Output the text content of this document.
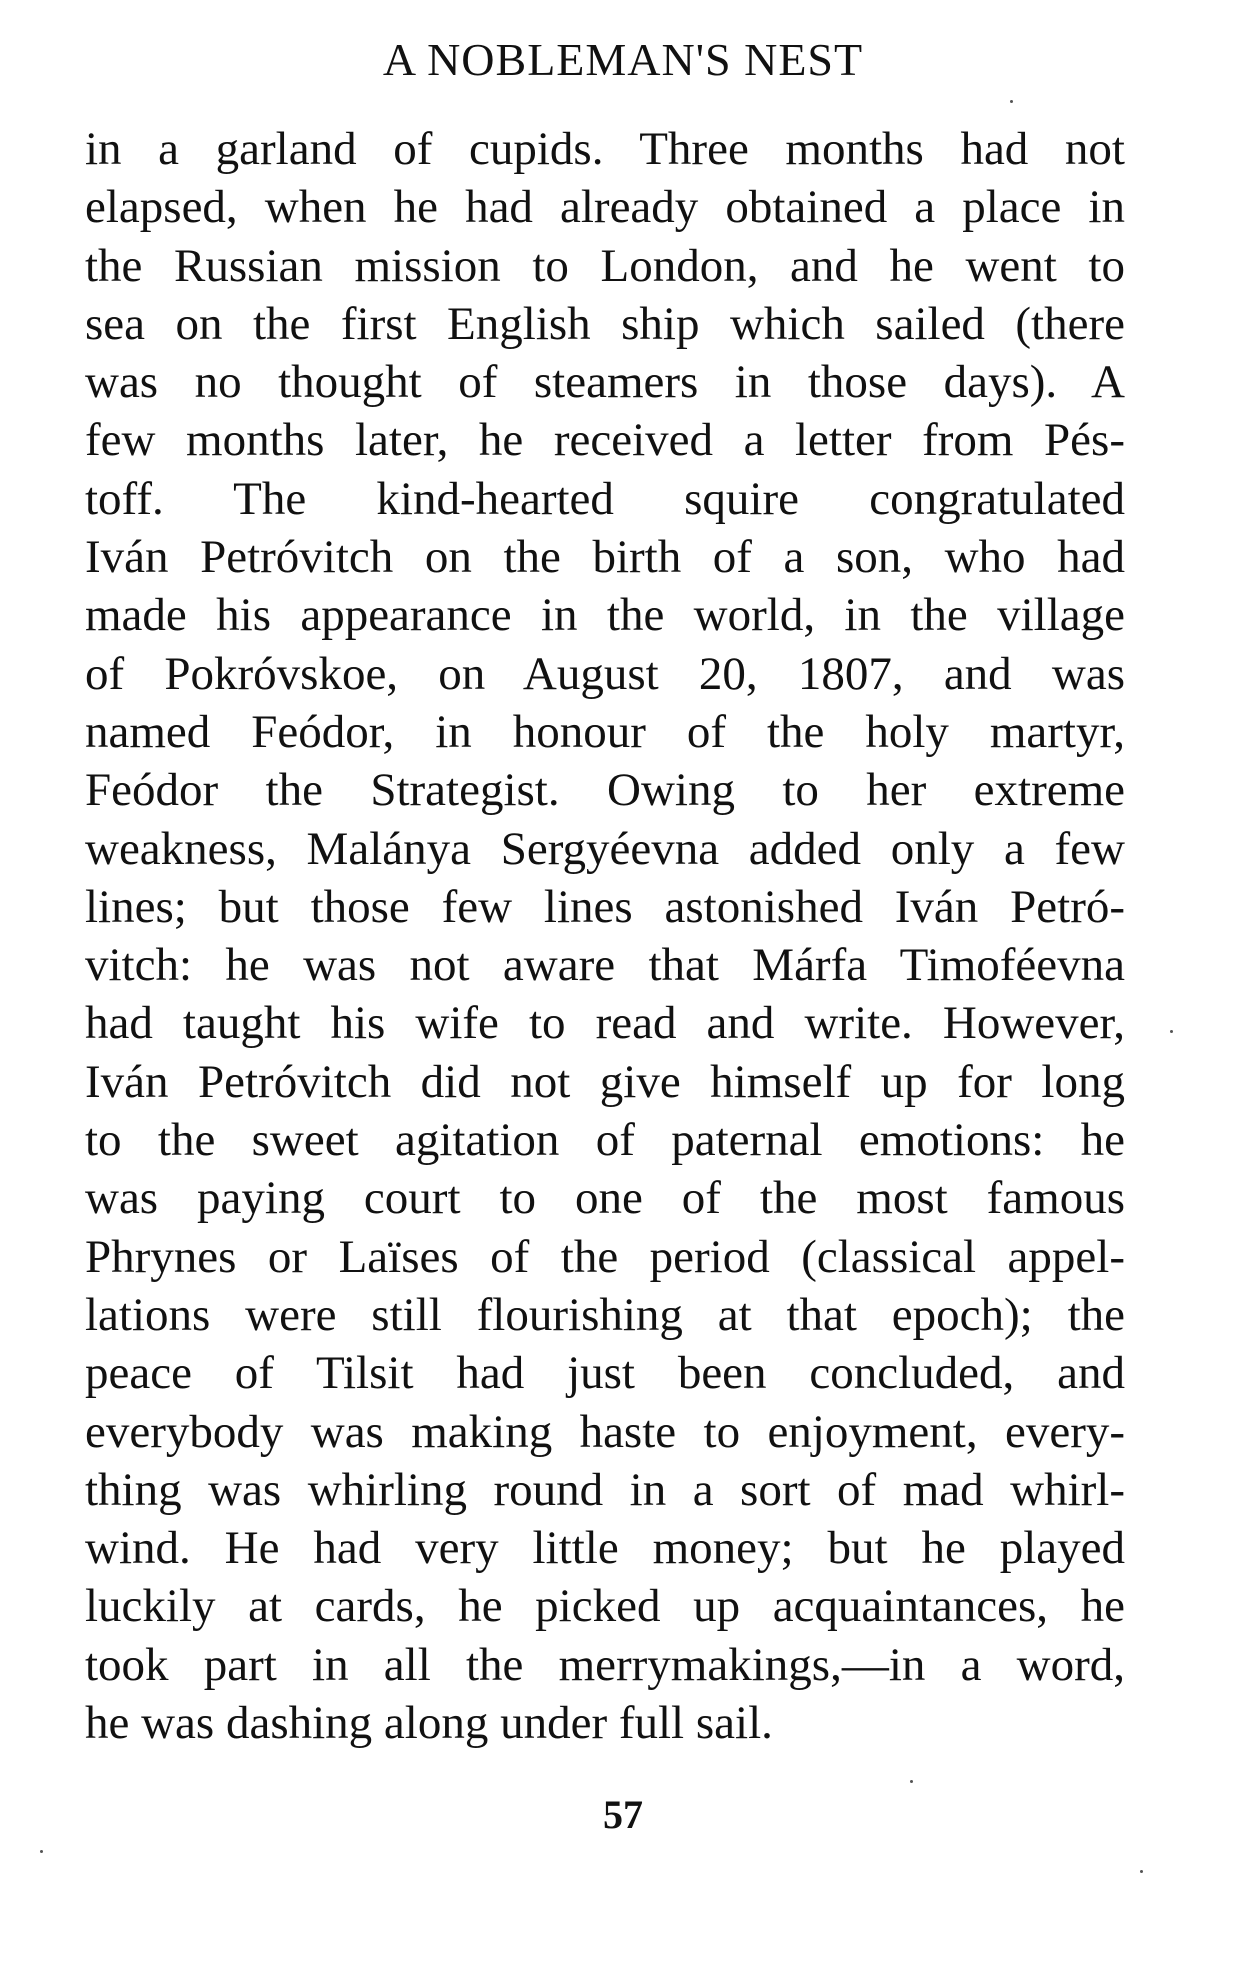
A NOBLEMAN'S NEST
in a garland of cupids. Three months had not
elapsed, when he had already obtained a place in
the Russian mission to London, and he went to
sea on the first English ship which sailed (there
was no thought of steamers in those days). A
few months later, he received a letter from Pés-
toff. The kind-hearted squire congratulated
Iván Petróvitch on the birth of a son, who had
made his appearance in the world, in the village
of Pokróvskoe, on August 20, 1807, and was
named Feódor, in honour of the holy martyr,
Feódor the Strategist. Owing to her extreme
weakness, Malánya Sergyéevna added only a few
lines; but those few lines astonished Iván Petró-
vitch: he was not aware that Márfa Timoféevna
had taught his wife to read and write. However,
Iván Petróvitch did not give himself up for long
to the sweet agitation of paternal emotions: he
was paying court to one of the most famous
Phrynes or Laïses of the period (classical appel-
lations were still flourishing at that epoch); the
peace of Tilsit had just been concluded, and
everybody was making haste to enjoyment, every-
thing was whirling round in a sort of mad whirl-
wind. He had very little money; but he played
luckily at cards, he picked up acquaintances, he
took part in all the merrymakings,—in a word,
he was dashing along under full sail.
57
